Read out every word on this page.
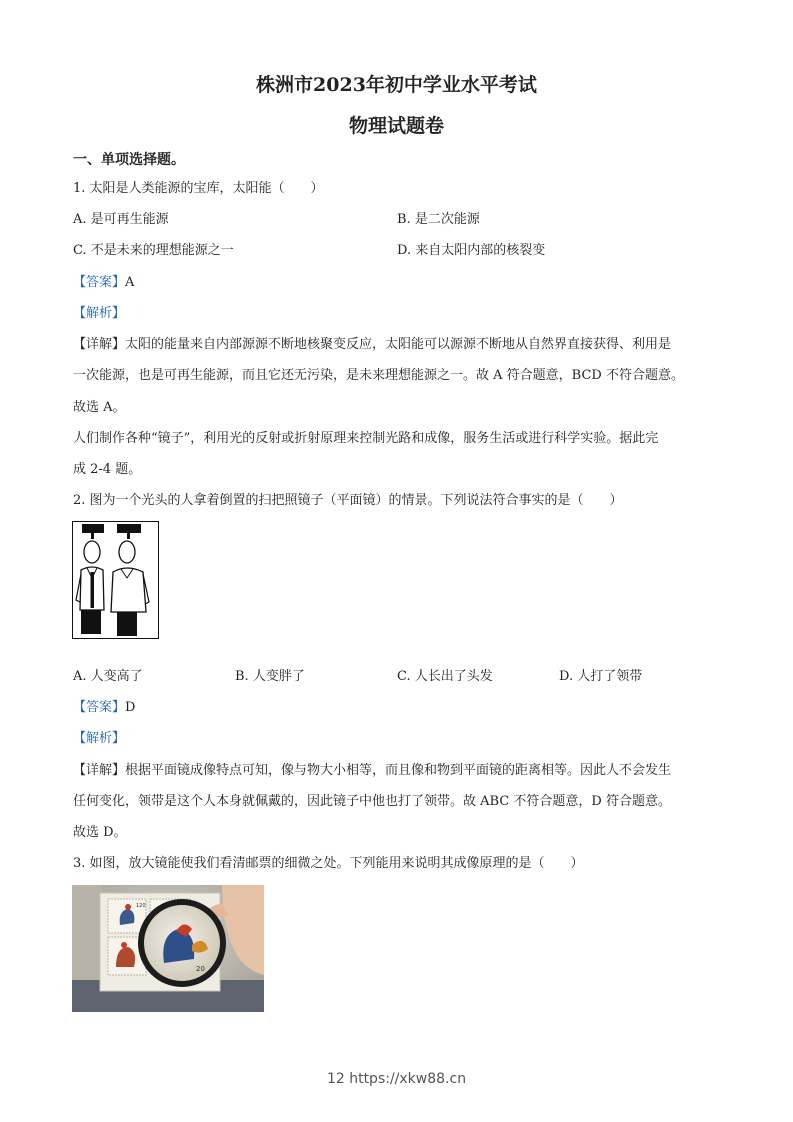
株洲市2023年初中学业水平考试
物理试题卷
一、单项选择题。
1. 太阳是人类能源的宝库，太阳能（　　）
A. 是可再生能源	B. 是二次能源
C. 不是未来的理想能源之一	D. 来自太阳内部的核裂变
【答案】A
【解析】
【详解】太阳的能量来自内部源源不断地核聚变反应，太阳能可以源源不断地从自然界直接获得、利用是
一次能源，也是可再生能源，而且它还无污染，是未来理想能源之一。故 A 符合题意，BCD 不符合题意。
故选 A。
人们制作各种“镜子”，利用光的反射或折射原理来控制光路和成像，服务生活或进行科学实验。据此完
成 2-4 题。
2. 图为一个光头的人拿着倒置的扫把照镜子（平面镜）的情景。下列说法符合事实的是（　　）
A. 人变高了	B. 人变胖了	C. 人长出了头发	D. 人打了领带
【答案】D
【解析】
【详解】根据平面镜成像特点可知，像与物大小相等，而且像和物到平面镜的距离相等。因此人不会发生
任何变化，领带是这个人本身就佩戴的，因此镜子中他也打了领带。故 ABC 不符合题意，D 符合题意。
故选 D。
3. 如图，放大镜能使我们看清邮票的细微之处。下列能用来说明其成像原理的是（　　）
120
20
12 https://xkw88.cn
